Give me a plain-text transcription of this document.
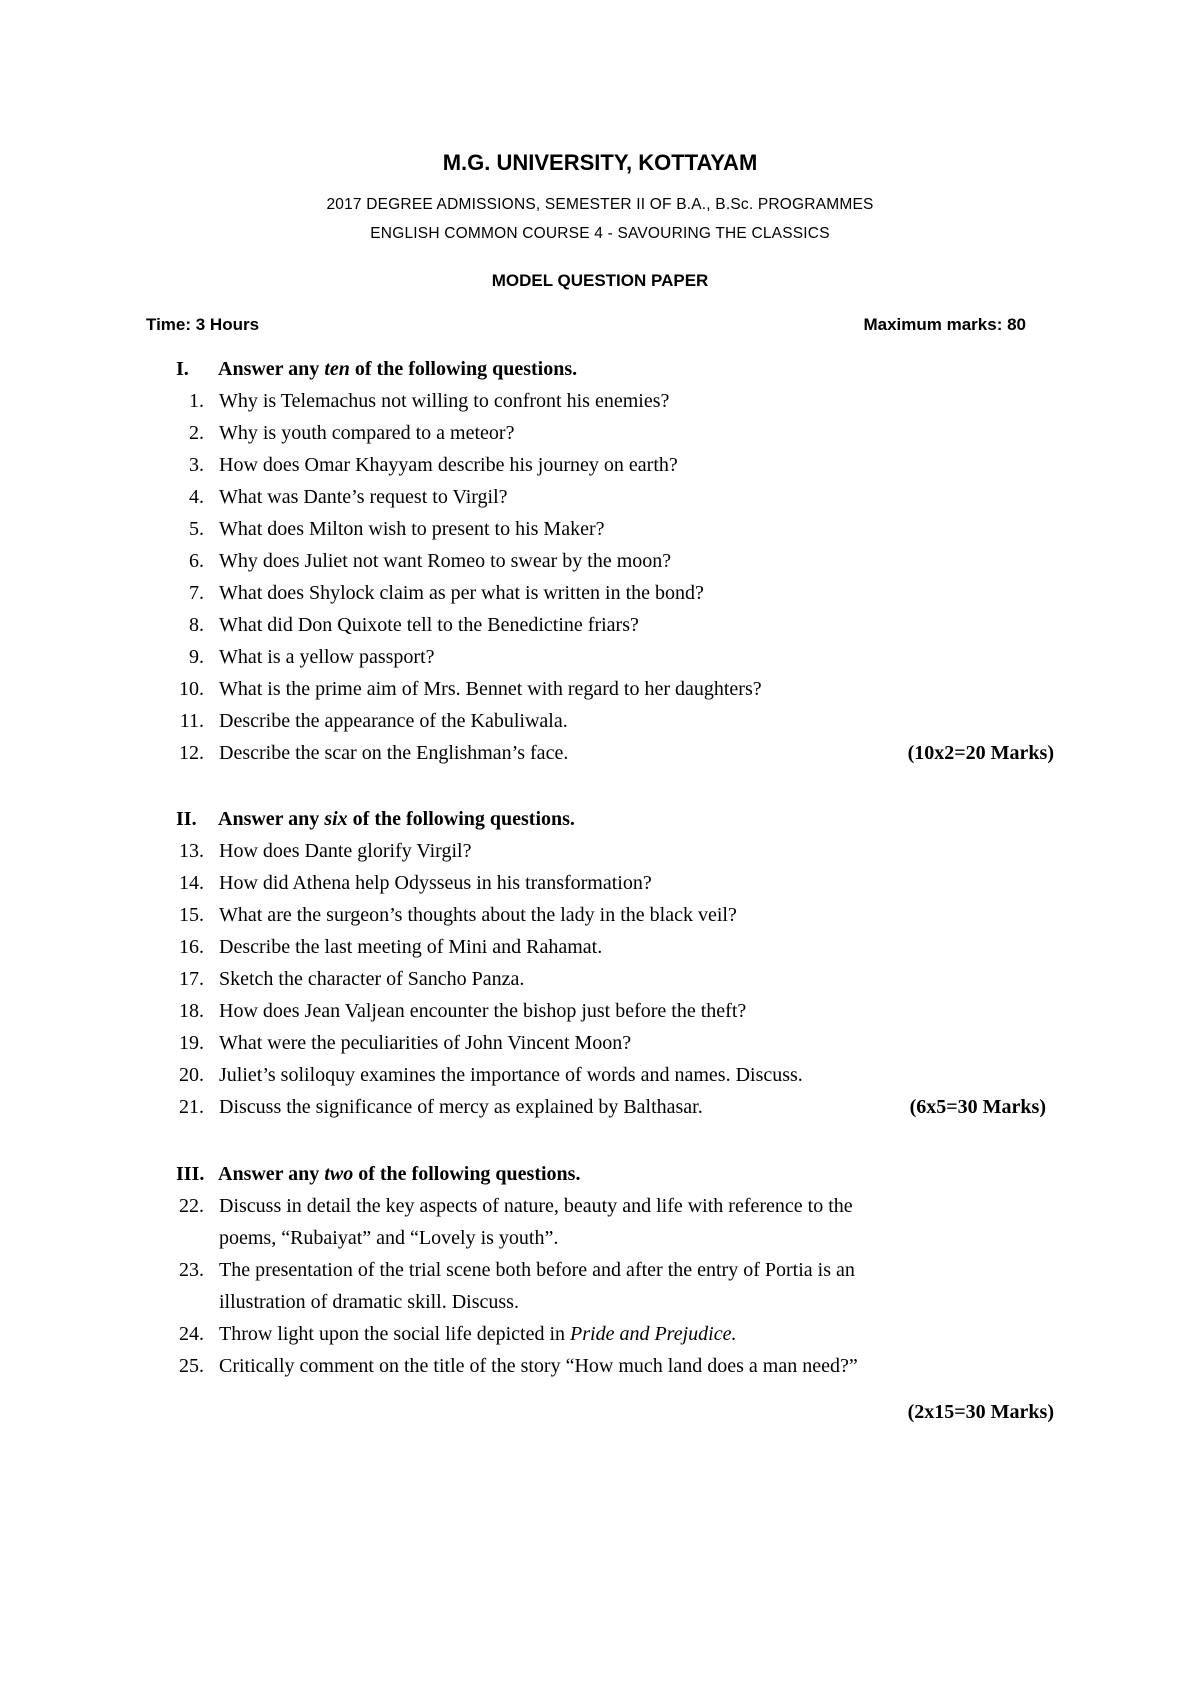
M.G. UNIVERSITY, KOTTAYAM
2017 DEGREE ADMISSIONS, SEMESTER II OF B.A., B.Sc. PROGRAMMES
ENGLISH COMMON COURSE 4 - SAVOURING THE CLASSICS
MODEL QUESTION PAPER
Time: 3 Hours	Maximum marks: 80
I. Answer any ten of the following questions.
1. Why is Telemachus not willing to confront his enemies?
2. Why is youth compared to a meteor?
3. How does Omar Khayyam describe his journey on earth?
4. What was Dante’s request to Virgil?
5. What does Milton wish to present to his Maker?
6. Why does Juliet not want Romeo to swear by the moon?
7. What does Shylock claim as per what is written in the bond?
8. What did Don Quixote tell to the Benedictine friars?
9. What is a yellow passport?
10. What is the prime aim of Mrs. Bennet with regard to her daughters?
11. Describe the appearance of the Kabuliwala.
12. Describe the scar on the Englishman’s face.	(10x2=20 Marks)
II. Answer any six of the following questions.
13. How does Dante glorify Virgil?
14. How did Athena help Odysseus in his transformation?
15. What are the surgeon’s thoughts about the lady in the black veil?
16. Describe the last meeting of Mini and Rahamat.
17. Sketch the character of Sancho Panza.
18. How does Jean Valjean encounter the bishop just before the theft?
19. What were the peculiarities of John Vincent Moon?
20. Juliet’s soliloquy examines the importance of words and names. Discuss.
21. Discuss the significance of mercy as explained by Balthasar.	(6x5=30 Marks)
III. Answer any two of the following questions.
22. Discuss in detail the key aspects of nature, beauty and life with reference to the
poems, “Rubaiyat” and “Lovely is youth”.
23. The presentation of the trial scene both before and after the entry of Portia is an
illustration of dramatic skill. Discuss.
24. Throw light upon the social life depicted in Pride and Prejudice.
25. Critically comment on the title of the story “How much land does a man need?”
(2x15=30 Marks)
